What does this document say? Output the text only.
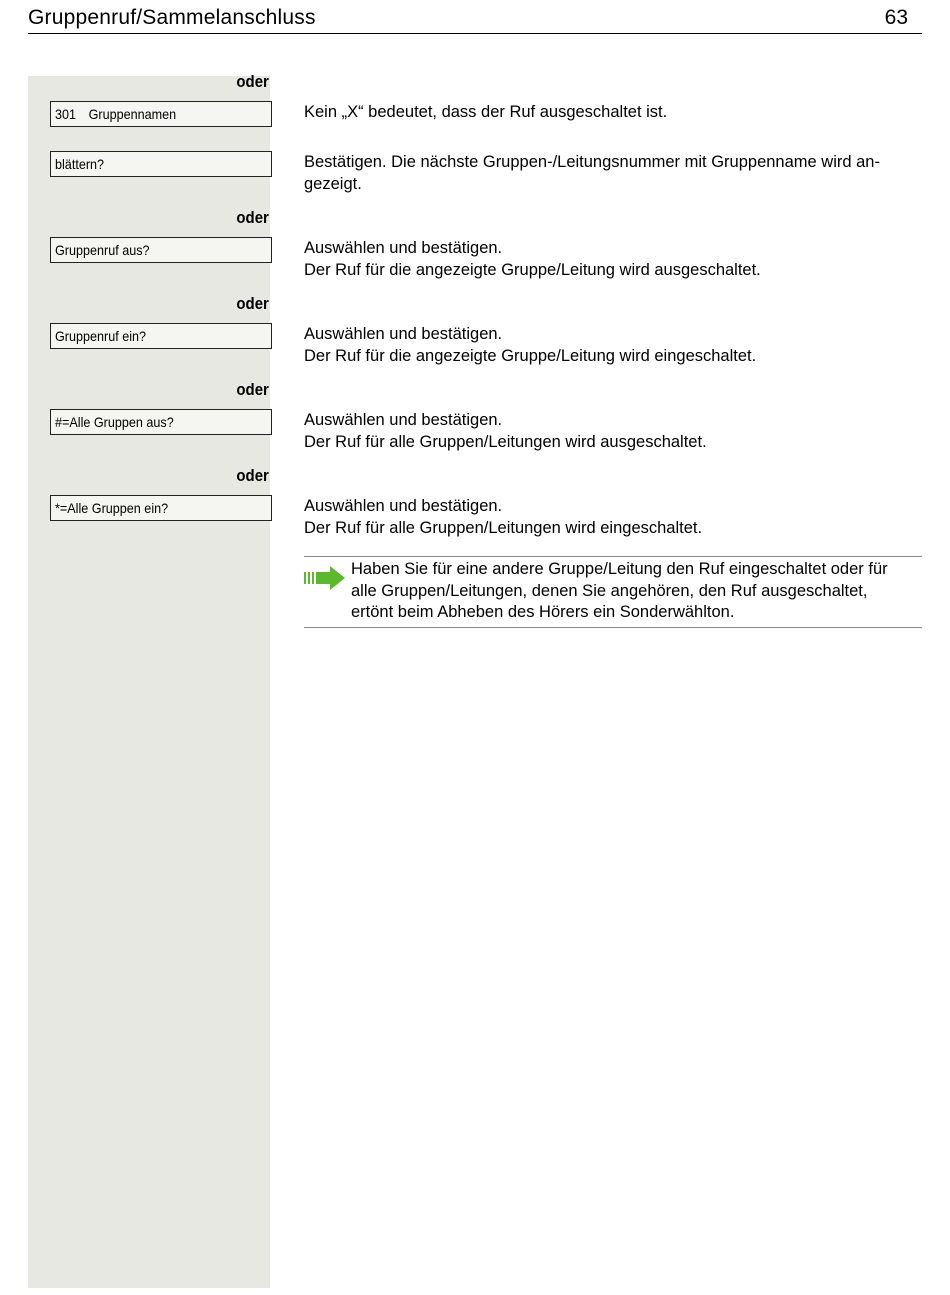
Gruppenruf/Sammelanschluss	63
oder
oder
oder
oder
oder
301 Gruppennamen
blättern?
Gruppenruf aus?
Gruppenruf ein?
#=Alle Gruppen aus?
*=Alle Gruppen ein?
Kein „X“ bedeutet, dass der Ruf ausgeschaltet ist.
Bestätigen. Die nächste Gruppen-/Leitungsnummer mit Gruppenname wird an-
gezeigt.
Auswählen und bestätigen.
Der Ruf für die angezeigte Gruppe/Leitung wird ausgeschaltet.
Auswählen und bestätigen.
Der Ruf für die angezeigte Gruppe/Leitung wird eingeschaltet.
Auswählen und bestätigen.
Der Ruf für alle Gruppen/Leitungen wird ausgeschaltet.
Auswählen und bestätigen.
Der Ruf für alle Gruppen/Leitungen wird eingeschaltet.
Haben Sie für eine andere Gruppe/Leitung den Ruf eingeschaltet oder für
alle Gruppen/Leitungen, denen Sie angehören, den Ruf ausgeschaltet,
ertönt beim Abheben des Hörers ein Sonderwählton.
